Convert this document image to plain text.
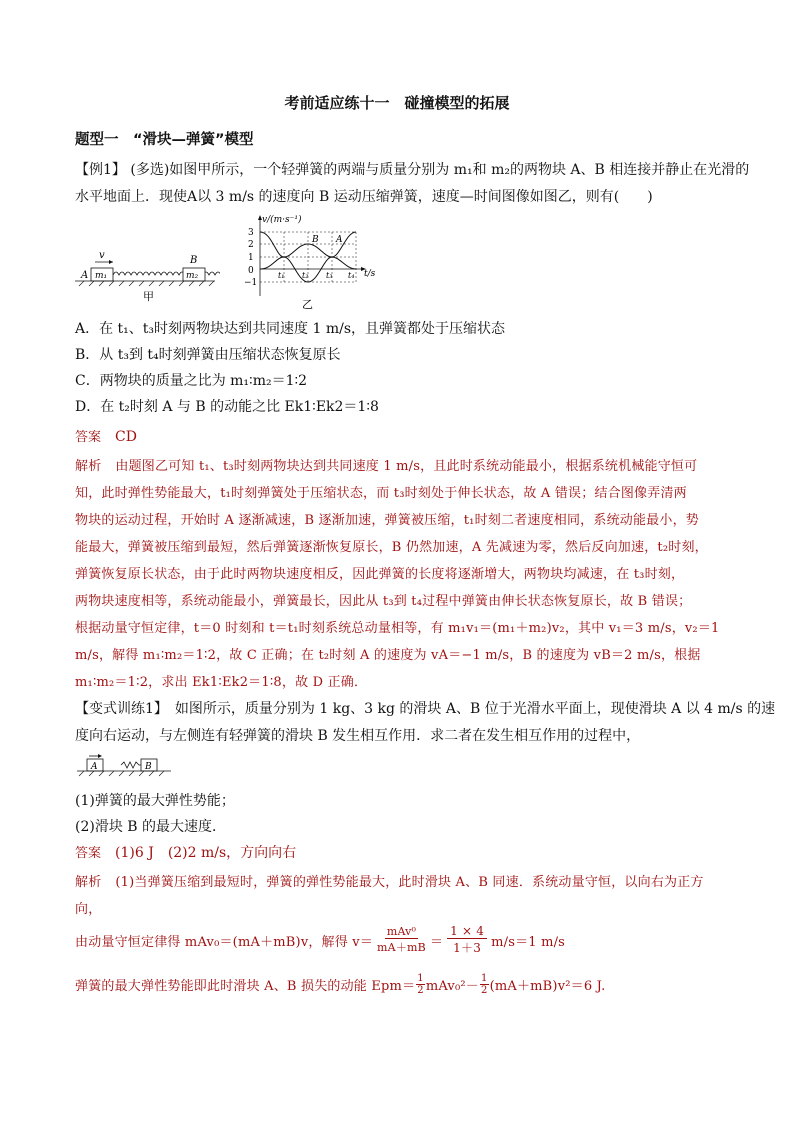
考前适应练十一　碰撞模型的拓展
题型一　“滑块—弹簧”模型
【例1】 (多选)如图甲所示，一个轻弹簧的两端与质量分别为 m₁和 m₂的两物块 A、B 相连接并静止在光滑的
水平地面上．现使A以 3 m/s 的速度向 B 运动压缩弹簧，速度—时间图像如图乙，则有(　　)
v
A m₁
B
m₂
甲
v/(m·s⁻¹)
t/s
3
2
1
0
−1
B A
t₁ t₂ t₃ t₄
乙
A．在 t₁、t₃时刻两物块达到共同速度 1 m/s，且弹簧都处于压缩状态
B．从 t₃到 t₄时刻弹簧由压缩状态恢复原长
C．两物块的质量之比为 m₁∶m₂＝1∶2
D．在 t₂时刻 A 与 B 的动能之比 Ek1∶Ek2＝1∶8
答案 CD
解析 由题图乙可知 t₁、t₃时刻两物块达到共同速度 1 m/s，且此时系统动能最小，根据系统机械能守恒可
知，此时弹性势能最大，t₁时刻弹簧处于压缩状态，而 t₃时刻处于伸长状态，故 A 错误；结合图像弄清两
物块的运动过程，开始时 A 逐渐减速，B 逐渐加速，弹簧被压缩，t₁时刻二者速度相同，系统动能最小，势
能最大，弹簧被压缩到最短，然后弹簧逐渐恢复原长，B 仍然加速，A 先减速为零，然后反向加速，t₂时刻，
弹簧恢复原长状态，由于此时两物块速度相反，因此弹簧的长度将逐渐增大，两物块均减速，在 t₃时刻，
两物块速度相等，系统动能最小，弹簧最长，因此从 t₃到 t₄过程中弹簧由伸长状态恢复原长，故 B 错误；
根据动量守恒定律，t＝0 时刻和 t＝t₁时刻系统总动量相等，有 m₁v₁＝(m₁＋m₂)v₂，其中 v₁＝3 m/s，v₂＝1
m/s，解得 m₁∶m₂＝1∶2，故 C 正确；在 t₂时刻 A 的速度为 vA＝−1 m/s，B 的速度为 vB＝2 m/s，根据
m₁∶m₂＝1∶2，求出 Ek1∶Ek2＝1∶8，故 D 正确．
【变式训练1】　如图所示，质量分别为 1 kg、3 kg 的滑块 A、B 位于光滑水平面上，现使滑块 A 以 4 m/s 的速
度向右运动，与左侧连有轻弹簧的滑块 B 发生相互作用．求二者在发生相互作用的过程中，
A	B
(1)弹簧的最大弹性势能；
(2)滑块 B 的最大速度．
答案 (1)6 J　(2)2 m/s，方向向右
解析 (1)当弹簧压缩到最短时，弹簧的弹性势能最大，此时滑块 A、B 同速．系统动量守恒，以向右为正方
向，
由动量守恒定律得 mAv₀＝(mA＋mB)v，解得 v＝
mAv⁰
mA＋mB ＝
1 × 4
1＋3 m/s＝1 m/s
弹簧的最大弹性势能即此时滑块 A、B 损失的动能 Epm＝
1
2 mAv₀²－
1
2 (mA＋mB)v²＝6 J.
